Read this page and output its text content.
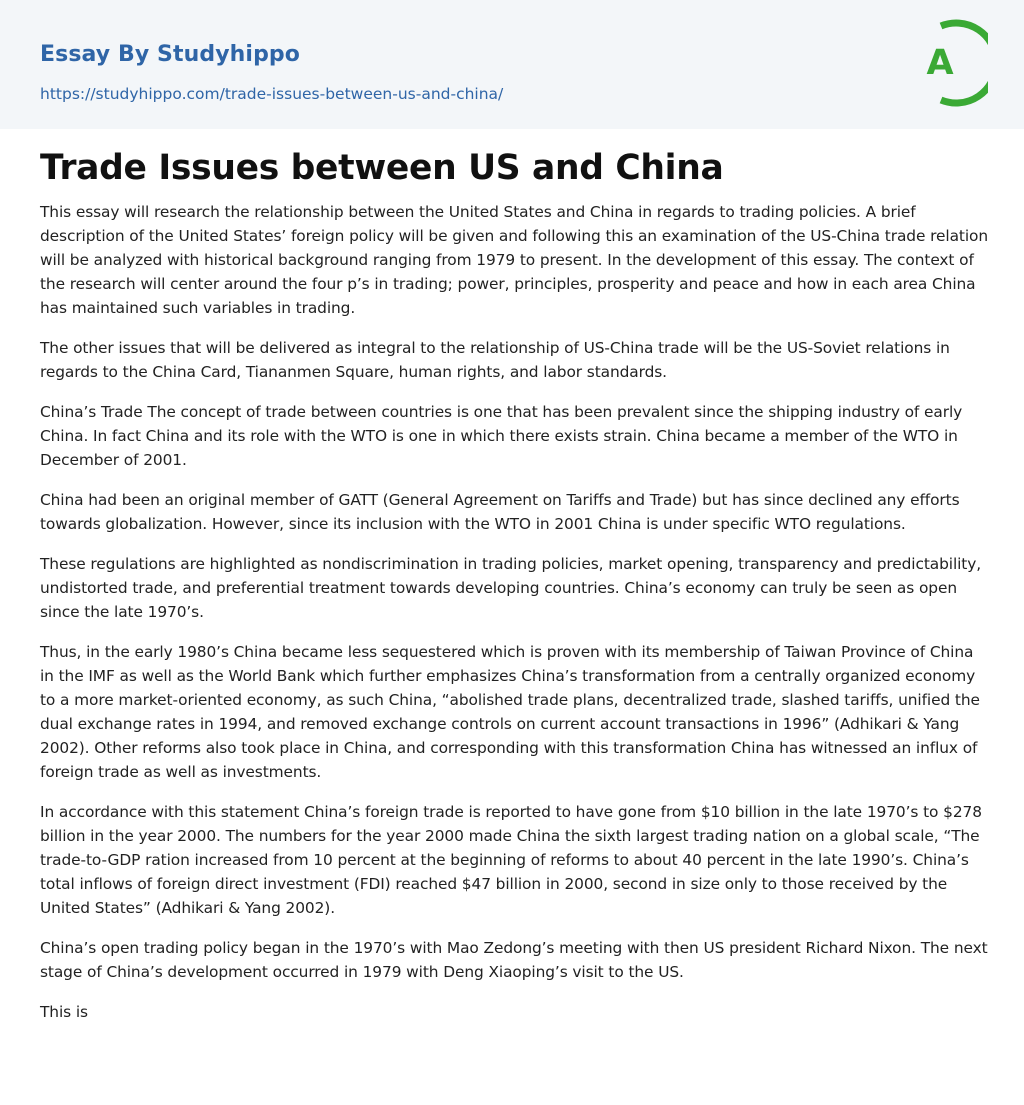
Essay By Studyhippo
https://studyhippo.com/trade-issues-between-us-and-china/
A
Trade Issues between US and China

This essay will research the relationship between the United States and China in regards to trading policies. A brief description of the United States’ foreign policy will be given and following this an examination of the US-China trade relation will be analyzed with historical background ranging from 1979 to present. In the development of this essay. The context of the research will center around the four p’s in trading; power, principles, prosperity and peace and how in each area China has maintained such variables in trading.

The other issues that will be delivered as integral to the relationship of US-China trade will be the US-Soviet relations in regards to the China Card, Tiananmen Square, human rights, and labor standards.

China’s Trade The concept of trade between countries is one that has been prevalent since the shipping industry of early China. In fact China and its role with the WTO is one in which there exists strain. China became a member of the WTO in December of 2001.

China had been an original member of GATT (General Agreement on Tariffs and Trade) but has since declined any efforts towards globalization. However, since its inclusion with the WTO in 2001 China is under specific WTO regulations.

These regulations are highlighted as nondiscrimination in trading policies, market opening, transparency and predictability, undistorted trade, and preferential treatment towards developing countries. China’s economy can truly be seen as open since the late 1970’s.

Thus, in the early 1980’s China became less sequestered which is proven with its membership of Taiwan Province of China in the IMF as well as the World Bank which further emphasizes China’s transformation from a centrally organized economy to a more market-oriented economy, as such China, “abolished trade plans, decentralized trade, slashed tariffs, unified the dual exchange rates in 1994, and removed exchange controls on current account transactions in 1996” (Adhikari & Yang 2002). Other reforms also took place in China, and corresponding with this transformation China has witnessed an influx of foreign trade as well as investments.

In accordance with this statement China’s foreign trade is reported to have gone from $10 billion in the late 1970’s to $278 billion in the year 2000. The numbers for the year 2000 made China the sixth largest trading nation on a global scale, “The trade-to-GDP ration increased from 10 percent at the beginning of reforms to about 40 percent in the late 1990’s. China’s total inflows of foreign direct investment (FDI) reached $47 billion in 2000, second in size only to those received by the United States” (Adhikari & Yang 2002).

China’s open trading policy began in the 1970’s with Mao Zedong’s meeting with then US president Richard Nixon. The next stage of China’s development occurred in 1979 with Deng Xiaoping’s visit to the US.

This is
